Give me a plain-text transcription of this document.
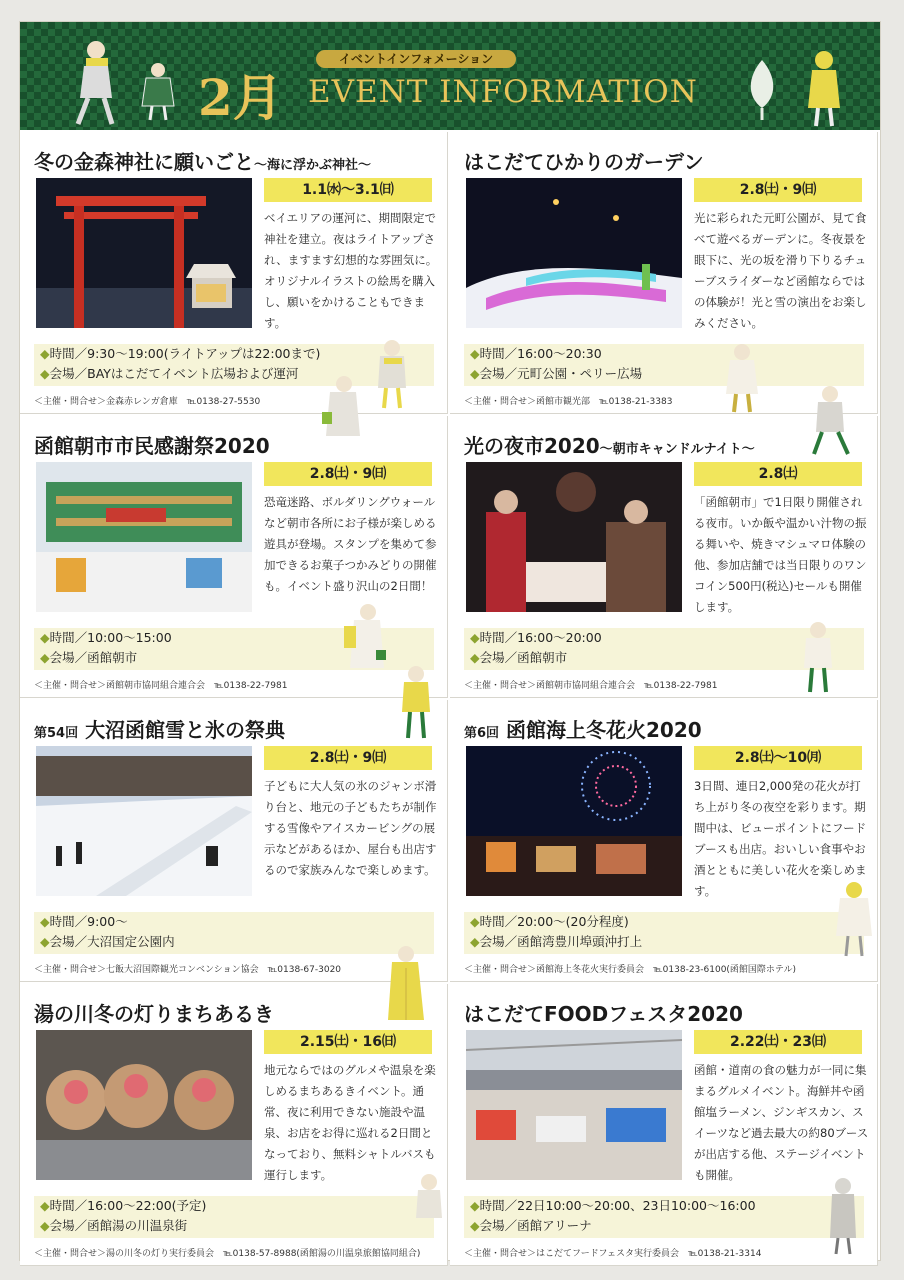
イベントインフォメーション
2月 EVENT INFORMATION
冬の金森神社に願いごと〜海に浮かぶ神社〜
1.1㈬〜3.1㈰
ベイエリアの運河に、期間限定で神社を建立。夜はライトアップされ、ますます幻想的な雰囲気に。オリジナルイラストの絵馬を購入し、願いをかけることもできます。
◆時間／9:30〜19:00(ライトアップは22:00まで)
◆会場／BAYはこだてイベント広場および運河
＜主催・問合せ＞金森赤レンガ倉庫　℡0138-27-5530
はこだてひかりのガーデン
2.8㈯・9㈰
光に彩られた元町公園が、見て食べて遊べるガーデンに。冬夜景を眼下に、光の坂を滑り下りるチューブスライダーなど函館ならではの体験が！光と雪の演出をお楽しみください。
◆時間／16:00〜20:30
◆会場／元町公園・ペリー広場
＜主催・問合せ＞函館市観光部　℡0138-21-3383
函館朝市市民感謝祭2020
2.8㈯・9㈰
恐竜迷路、ボルダリングウォールなど朝市各所にお子様が楽しめる遊具が登場。スタンプを集めて参加できるお菓子つかみどりの開催も。イベント盛り沢山の2日間！
◆時間／10:00〜15:00
◆会場／函館朝市
＜主催・問合せ＞函館朝市協同組合連合会　℡0138-22-7981
光の夜市2020〜朝市キャンドルナイト〜
2.8㈯
「函館朝市」で1日限り開催される夜市。いか飯や温かい汁物の振る舞いや、焼きマシュマロ体験の他、参加店舗では当日限りのワンコイン500円(税込)セールも開催します。
◆時間／16:00〜20:00
◆会場／函館朝市
＜主催・問合せ＞函館朝市協同組合連合会　℡0138-22-7981
第54回 大沼函館雪と氷の祭典
2.8㈯・9㈰
子どもに大人気の氷のジャンボ滑り台と、地元の子どもたちが制作する雪像やアイスカービングの展示などがあるほか、屋台も出店するので家族みんなで楽しめます。
◆時間／9:00〜
◆会場／大沼国定公園内
＜主催・問合せ＞七飯大沼国際観光コンベンション協会　℡0138-67-3020
第6回 函館海上冬花火2020
2.8㈯〜10㈪
3日間、連日2,000発の花火が打ち上がり冬の夜空を彩ります。期間中は、ビューポイントにフードブースも出店。おいしい食事やお酒とともに美しい花火を楽しめます。
◆時間／20:00〜(20分程度)
◆会場／函館湾豊川埠頭沖打上
＜主催・問合せ＞函館海上冬花火実行委員会　℡0138-23-6100(函館国際ホテル)
湯の川冬の灯りまちあるき
2.15㈯・16㈰
地元ならではのグルメや温泉を楽しめるまちあるきイベント。通常、夜に利用できない施設や温泉、お店をお得に巡れる2日間となっており、無料シャトルバスも運行します。
◆時間／16:00〜22:00(予定)
◆会場／函館湯の川温泉街
＜主催・問合せ＞湯の川冬の灯り実行委員会　℡0138-57-8988(函館湯の川温泉旅館協同組合)
はこだてFOODフェスタ2020
2.22㈯・23㈰
函館・道南の食の魅力が一同に集まるグルメイベント。海鮮丼や函館塩ラーメン、ジンギスカン、スイーツなど過去最大の約80ブースが出店する他、ステージイベントも開催。
◆時間／22日10:00〜20:00、23日10:00〜16:00
◆会場／函館アリーナ
＜主催・問合せ＞はこだてフードフェスタ実行委員会　℡0138-21-3314
